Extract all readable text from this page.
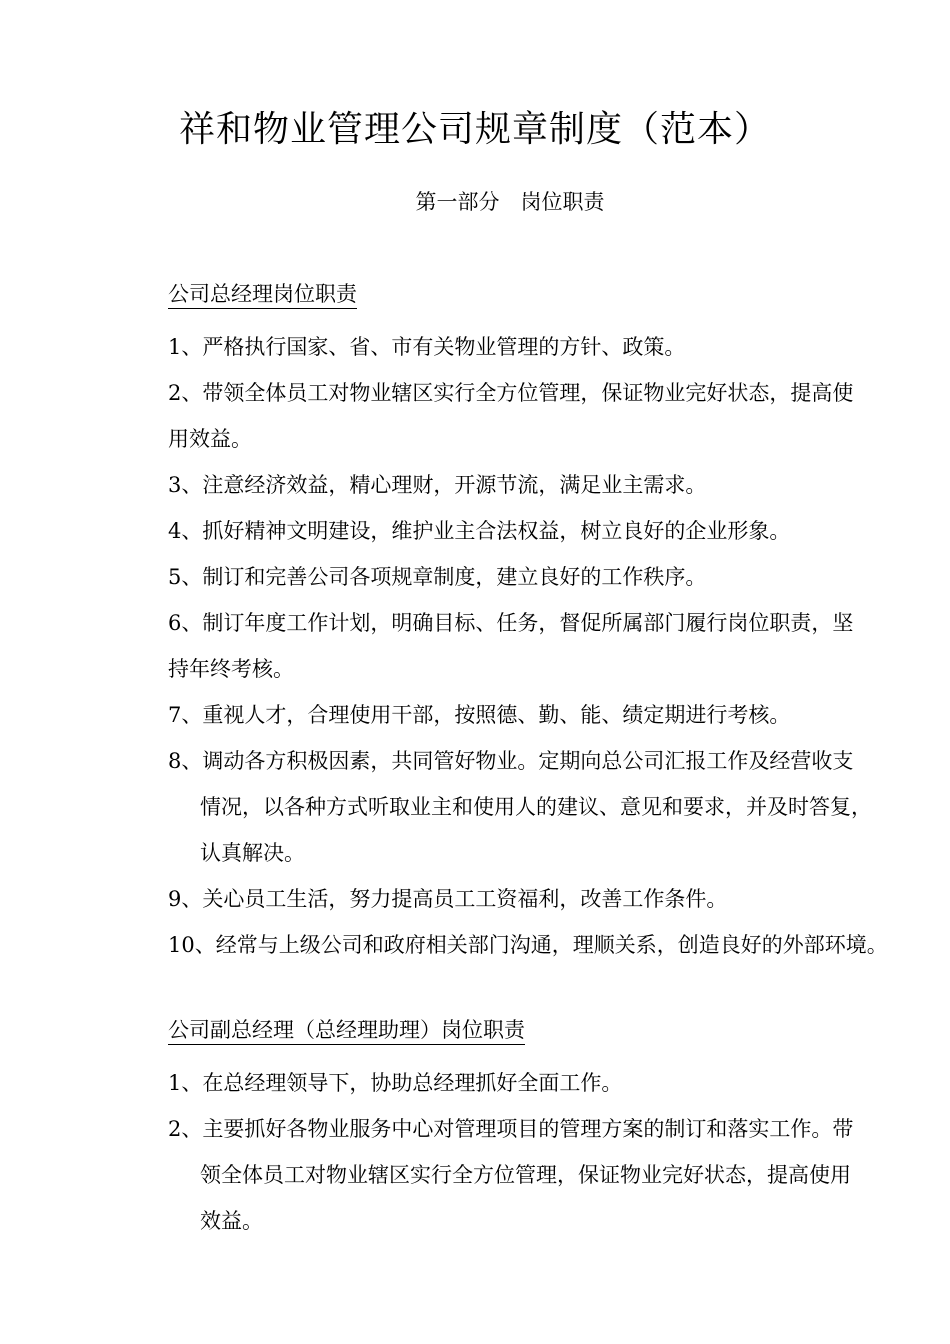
祥和物业管理公司规章制度（范本）
第一部分　岗位职责
公司总经理岗位职责

1、严格执行国家、省、市有关物业管理的方针、政策。

2、带领全体员工对物业辖区实行全方位管理，保证物业完好状态，提高使
用效益。

3、注意经济效益，精心理财，开源节流，满足业主需求。

4、抓好精神文明建设，维护业主合法权益，树立良好的企业形象。

5、制订和完善公司各项规章制度，建立良好的工作秩序。

6、制订年度工作计划，明确目标、任务，督促所属部门履行岗位职责，坚
持年终考核。

7、重视人才，合理使用干部，按照德、勤、能、绩定期进行考核。

8、调动各方积极因素，共同管好物业。定期向总公司汇报工作及经营收支
情况，以各种方式听取业主和使用人的建议、意见和要求，并及时答复，
认真解决。

9、关心员工生活，努力提高员工工资福利，改善工作条件。

10、经常与上级公司和政府相关部门沟通，理顺关系，创造良好的外部环境。

公司副总经理（总经理助理）岗位职责

1、在总经理领导下，协助总经理抓好全面工作。

2、主要抓好各物业服务中心对管理项目的管理方案的制订和落实工作。带
领全体员工对物业辖区实行全方位管理，保证物业完好状态，提高使用
效益。
